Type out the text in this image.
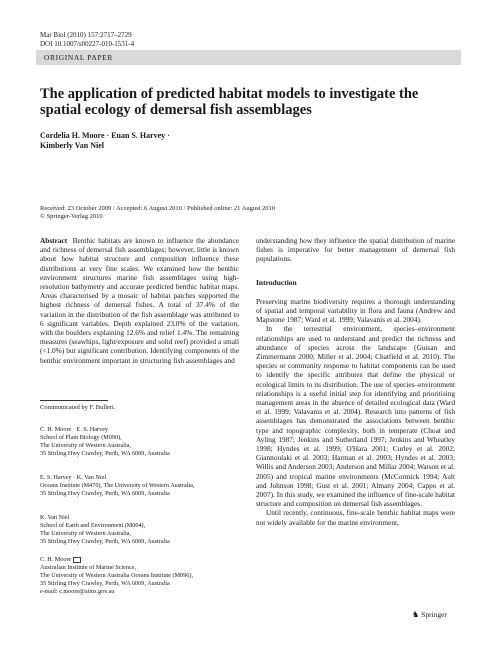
Mar Biol (2010) 157:2717–2729
DOI 10.1007/s00227-010-1531-4
ORIGINAL PAPER
The application of predicted habitat models to investigate the spatial ecology of demersal fish assemblages
Cordelia H. Moore · Euan S. Harvey ·
Kimberly Van Niel
Received: 23 October 2009 / Accepted: 6 August 2010 / Published online: 21 August 2010
© Springer-Verlag 2010

Abstract Benthic habitats are known to influence the abundance and richness of demersal fish assemblages; however, little is known about how habitat structure and composition influence these distributions at very fine scales. We examined how the benthic environment structures marine fish assemblages using high-resolution bathymetry and accurate predicted benthic habitat maps. Areas characterised by a mosaic of habitat patches supported the highest richness of demersal fishes. A total of 37.4% of the variation in the distribution of the fish assemblage was attributed to 6 significant variables. Depth explained 23.0% of the variation, with the boulders explaining 12.6% and relief 1.4%. The remaining measures (seawhips, light/exposure and solid reef) provided a small (<1.0%) but significant contribution. Identifying components of the benthic environment important in structuring fish assemblages and

Communicated by F. Bulleri.
C. H. Moore · E. S. Harvey
School of Plant Biology (M090),
The University of Western Australia,
35 Stirling Hwy Crawley, Perth, WA 6009, Australia
E. S. Harvey · K. Van Niel
Oceans Institute (M470), The University of Western Australia,
35 Stirling Hwy Crawley, Perth, WA 6009, Australia
K. Van Niel
School of Earth and Environment (M004),
The University of Western Australia,
35 Stirling Hwy Crawley, Perth, WA 6009, Australia
C. H. Moore
Australian Institute of Marine Science,
The University of Western Australia Oceans Institute (M096),
35 Stirling Hwy Crawley, Perth, WA 6009, Australia
e-mail: c.moore@aims.gov.au

understanding how they influence the spatial distribution of marine fishes is imperative for better management of demersal fish populations.

Introduction

Preserving marine biodiversity requires a thorough understanding of spatial and temporal variability in flora and fauna (Andrew and Mapstone 1987; Ward et al. 1999; Valavanis et al. 2004).

In the terrestrial environment, species–environment relationships are used to understand and predict the richness and abundance of species across the landscape (Guisan and Zimmermann 2000; Miller et al. 2004; Chatfield et al. 2010). The species or community response to habitat components can be used to identify the specific attributes that define the physical or ecological limits to its distribution. The use of species–environment relationships is a useful initial step for identifying and prioritising management areas in the absence of detailed ecological data (Ward et al. 1999; Valavanis et al. 2004). Research into patterns of fish assemblages has demonstrated the associations between benthic type and topographic complexity, both in temperate (Choat and Ayling 1987; Jenkins and Sutherland 1997; Jenkins and Wheatley 1998; Hyndes et al. 1999; O'Hara 2001; Curley et al. 2002; Giannoulaki et al. 2003; Harman et al. 2003; Hyndes et al. 2003; Willis and Anderson 2003; Anderson and Millar 2004; Watson et al. 2005) and tropical marine environments (McCormick 1994; Ault and Johnson 1998; Gust et al. 2001; Almany 2004; Cappo et al. 2007). In this study, we examined the influence of fine-scale habitat structure and composition on demersal fish assemblages.

Until recently, continuous, fine-scale benthic habitat maps were not widely available for the marine environment,

♞ Springer
